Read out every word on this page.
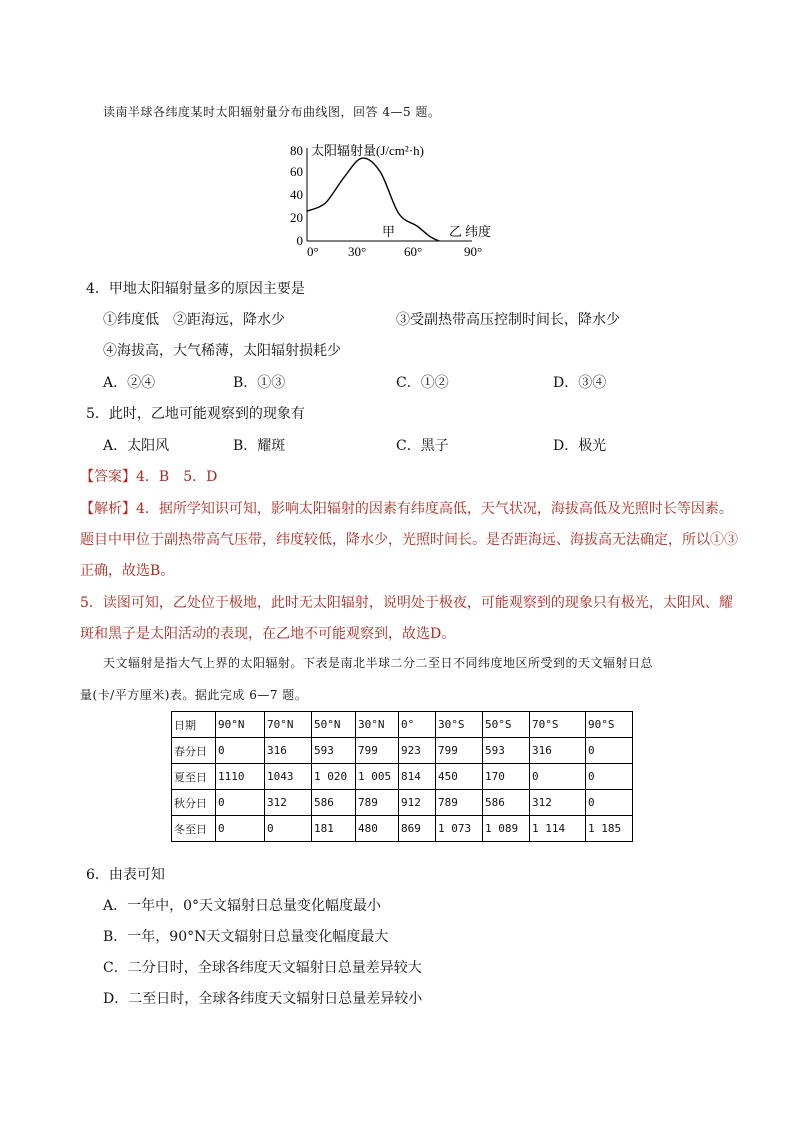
读南半球各纬度某时太阳辐射量分布曲线图，回答 4—5 题。
太阳辐射量(J/cm²·h)
0
20
40
60
80
0° 30°	60°	90°
甲	乙 纬度
4．甲地太阳辐射量多的原因主要是
①纬度低　②距海远，降水少	③受副热带高压控制时间长，降水少
④海拔高，大气稀薄，太阳辐射损耗少
A．②④	B．①③	C．①②	D．③④
5．此时，乙地可能观察到的现象有
A．太阳风	B．耀斑	C．黑子	D．极光
【答案】4．B　5．D
【解析】4．据所学知识可知，影响太阳辐射的因素有纬度高低，天气状况，海拔高低及光照时长等因素。
题目中甲位于副热带高气压带，纬度较低，降水少，光照时间长。是否距海远、海拔高无法确定，所以①③
正确，故选B。
5．读图可知，乙处位于极地，此时无太阳辐射，说明处于极夜，可能观察到的现象只有极光，太阳风、耀
斑和黑子是太阳活动的表现，在乙地不可能观察到，故选D。
天文辐射是指大气上界的太阳辐射。下表是南北半球二分二至日不同纬度地区所受到的天文辐射日总
量(卡/平方厘米)表。据此完成 6—7 题。
日期	90°N	70°N	50°N	30°N	0°	30°S	50°S	70°S	90°S
春分日	0	316	593	799	923	799	593	316	0
夏至日	1110	1043	1 020	1 005	814	450	170	0	0
秋分日	0	312	586	789	912	789	586	312	0
冬至日	0	0	181	480	869	1 073	1 089	1 114	1 185
6．由表可知
A．一年中，0°天文辐射日总量变化幅度最小
B．一年，90°N天文辐射日总量变化幅度最大
C．二分日时，全球各纬度天文辐射日总量差异较大
D．二至日时，全球各纬度天文辐射日总量差异较小
